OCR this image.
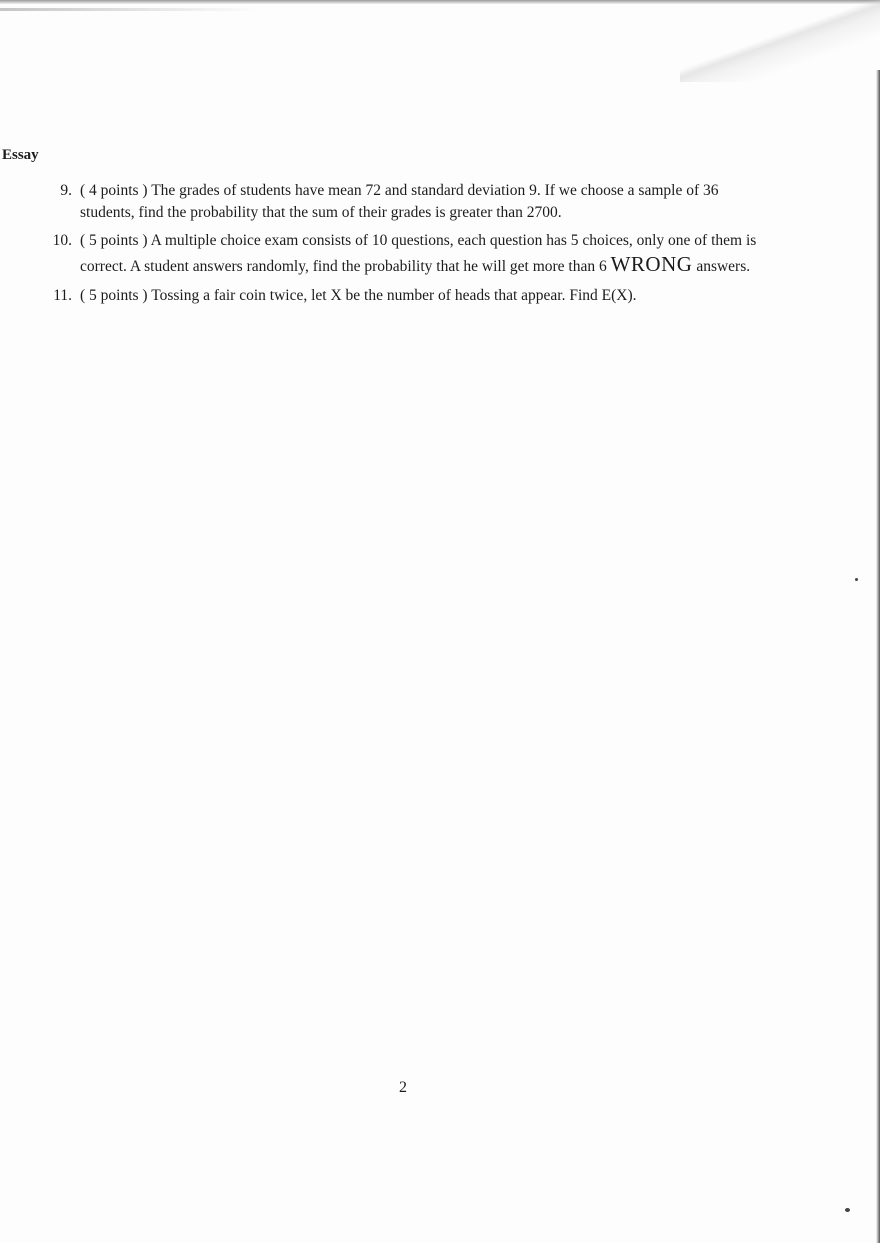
Essay
9. ( 4 points ) The grades of students have mean 72 and standard deviation 9. If we choose a sample of 36
students, find the probability that the sum of their grades is greater than 2700.
10. ( 5 points ) A multiple choice exam consists of 10 questions, each question has 5 choices, only one of them is
correct. A student answers randomly, find the probability that he will get more than 6 WRONG answers.
11. ( 5 points ) Tossing a fair coin twice, let X be the number of heads that appear. Find E(X).
2
